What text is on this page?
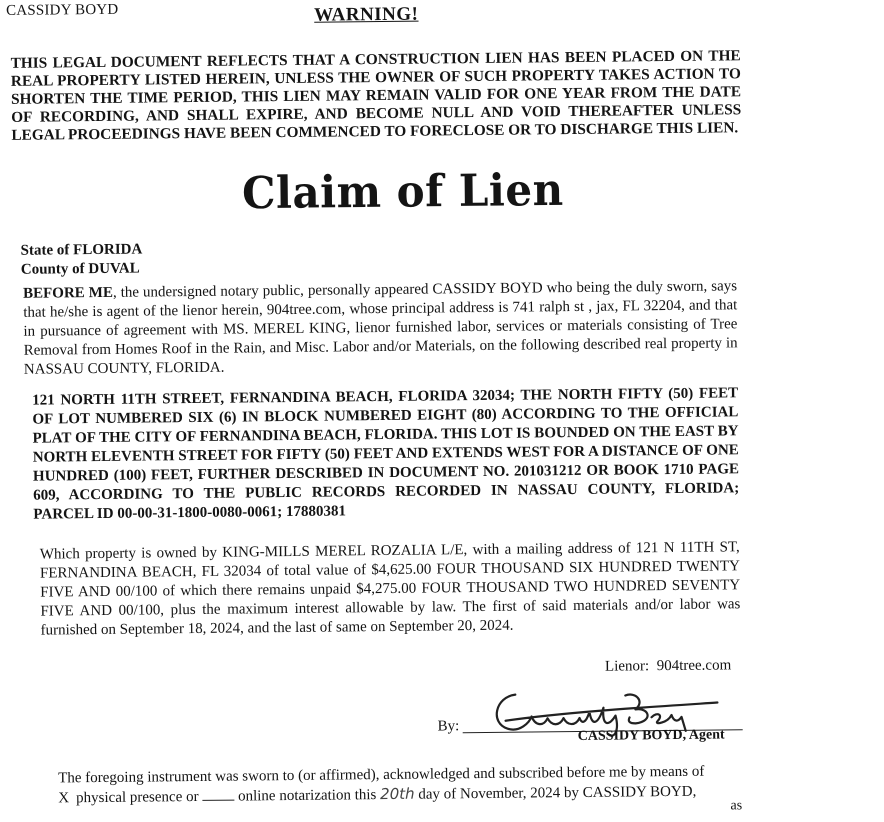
CASSIDY BOYD	WARNING!
THIS LEGAL DOCUMENT REFLECTS THAT A CONSTRUCTION LIEN HAS BEEN PLACED ON THE REAL PROPERTY LISTED HEREIN, UNLESS THE OWNER OF SUCH PROPERTY TAKES ACTION TO SHORTEN THE TIME PERIOD, THIS LIEN MAY REMAIN VALID FOR ONE YEAR FROM THE DATE OF RECORDING, AND SHALL EXPIRE, AND BECOME NULL AND VOID THEREAFTER UNLESS LEGAL PROCEEDINGS HAVE BEEN COMMENCED TO FORECLOSE OR TO DISCHARGE THIS LIEN.
Claim of Lien
State of FLORIDA
County of DUVAL
BEFORE ME, the undersigned notary public, personally appeared CASSIDY BOYD who being the duly sworn, says that he/she is agent of the lienor herein, 904tree.com, whose principal address is 741 ralph st , jax, FL 32204, and that in pursuance of agreement with MS. MEREL KING, lienor furnished labor, services or materials consisting of Tree Removal from Homes Roof in the Rain, and Misc. Labor and/or Materials, on the following described real property in NASSAU COUNTY, FLORIDA.
121 NORTH 11TH STREET, FERNANDINA BEACH, FLORIDA 32034; THE NORTH FIFTY (50) FEET OF LOT NUMBERED SIX (6) IN BLOCK NUMBERED EIGHT (80) ACCORDING TO THE OFFICIAL PLAT OF THE CITY OF FERNANDINA BEACH, FLORIDA. THIS LOT IS BOUNDED ON THE EAST BY NORTH ELEVENTH STREET FOR FIFTY (50) FEET AND EXTENDS WEST FOR A DISTANCE OF ONE HUNDRED (100) FEET, FURTHER DESCRIBED IN DOCUMENT NO. 201031212 OR BOOK 1710 PAGE 609, ACCORDING TO THE PUBLIC RECORDS RECORDED IN NASSAU COUNTY, FLORIDA; PARCEL ID 00-00-31-1800-0080-0061; 17880381
Which property is owned by KING-MILLS MEREL ROZALIA L/E, with a mailing address of 121 N 11TH ST, FERNANDINA BEACH, FL 32034 of total value of $4,625.00 FOUR THOUSAND SIX HUNDRED TWENTY FIVE AND 00/100 of which there remains unpaid $4,275.00 FOUR THOUSAND TWO HUNDRED SEVENTY FIVE AND 00/100, plus the maximum interest allowable by law. The first of said materials and/or labor was furnished on September 18, 2024, and the last of same on September 20, 2024.
Lienor: 904tree.com
By:
CASSIDY BOYD, Agent
The foregoing instrument was sworn to (or affirmed), acknowledged and subscribed before me by means of
X physical presence or	online notarization this 20th day of November, 2024 by CASSIDY BOYD,
as
